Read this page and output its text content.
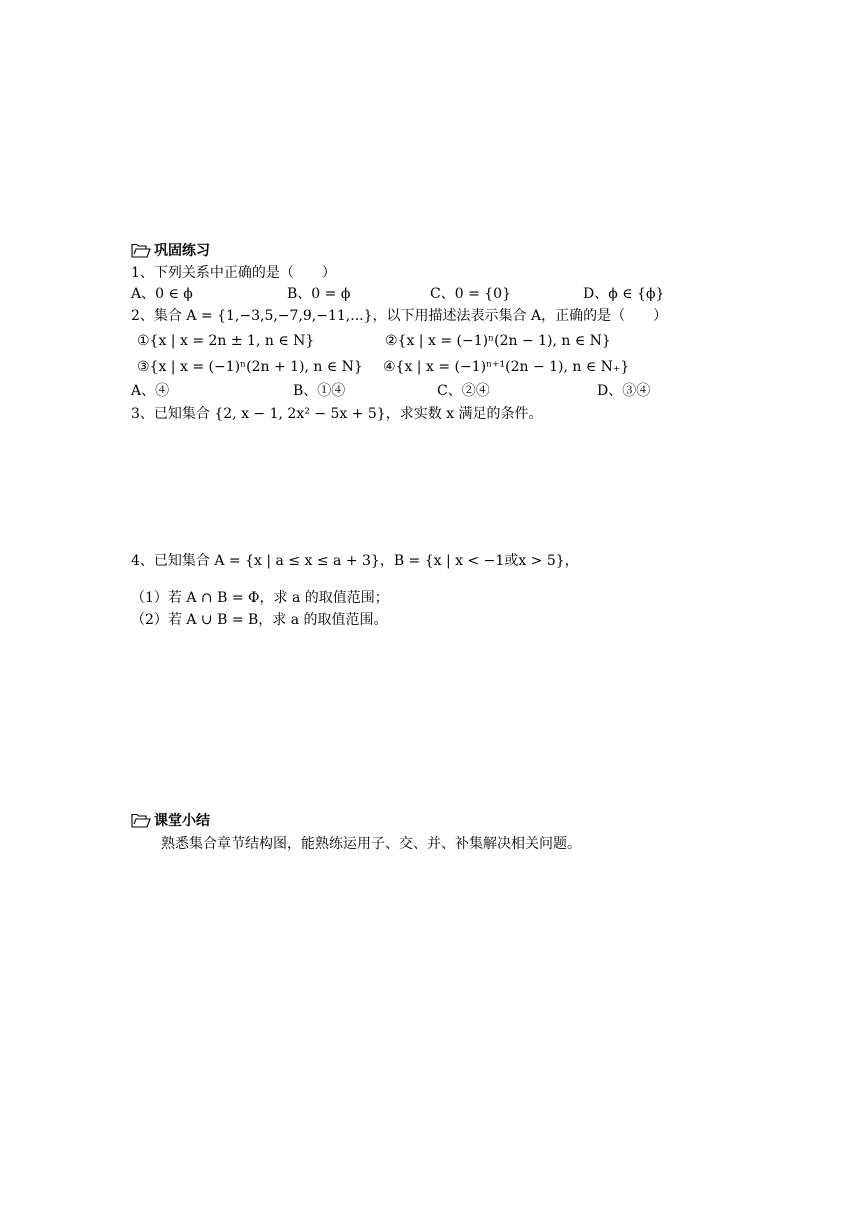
巩固练习
1、下列关系中正确的是（　　）
A、0 ∈ ϕ	B、0 = ϕ	C、0 = {0}	D、ϕ ∈ {ϕ}
2、集合 A = {1,−3,5,−7,9,−11,...}，以下用描述法表示集合 A，正确的是（　　）
①{x | x = 2n ± 1, n ∈ N}	②{x | x = (−1)ⁿ(2n − 1), n ∈ N}
③{x | x = (−1)ⁿ(2n + 1), n ∈ N} ④{x | x = (−1)ⁿ⁺¹(2n − 1), n ∈ N₊}
A、④	B、①④	C、②④	D、③④
3、已知集合 {2, x − 1, 2x² − 5x + 5}，求实数 x 满足的条件。
4、已知集合 A = {x | a ≤ x ≤ a + 3}，B = {x | x < −1或x > 5}，
（1）若 A ∩ B = Φ，求 a 的取值范围；
（2）若 A ∪ B = B，求 a 的取值范围。
课堂小结
熟悉集合章节结构图，能熟练运用子、交、并、补集解决相关问题。
